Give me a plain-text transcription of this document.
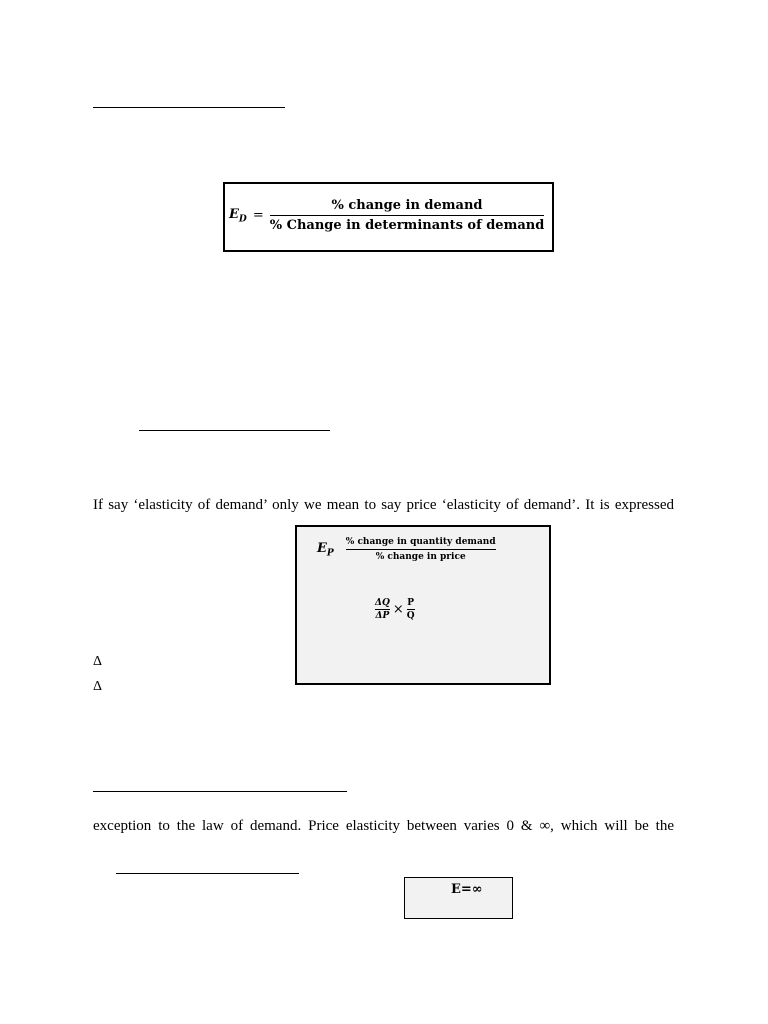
$E_D = \frac{\text{\% change in demand}}{\text{\% Change in determinants of demand}}$
If say ‘elasticity of demand’ only we mean to say price ‘elasticity of demand’. It is expressed
$E_P \frac{\text{\% change in quantity demand}}{\text{\% change in price}}$
$\frac{\Delta Q}{\Delta P} \times \frac{P}{Q}$
Δ
Δ
exception to the law of demand. Price elasticity between varies 0 & ∞, which will be the
E=∞
